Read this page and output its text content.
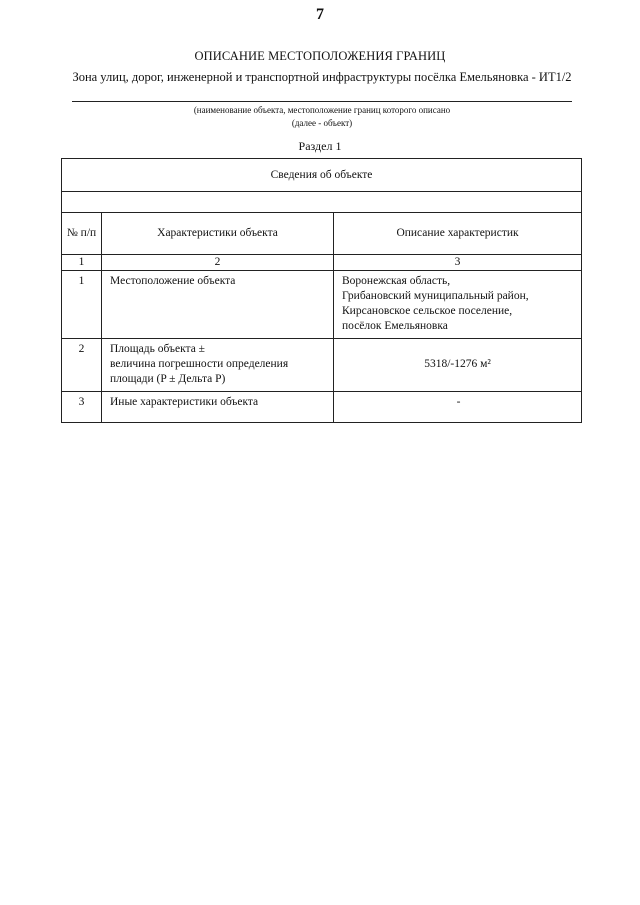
7
ОПИСАНИЕ МЕСТОПОЛОЖЕНИЯ ГРАНИЦ
Зона улиц, дорог, инженерной и транспортной инфраструктуры посёлка Емельяновка - ИТ1/2
(наименование объекта, местоположение границ которого описано
(далее - объект)
Раздел 1
Сведения об объекте		

№ п/п	Характеристики объекта	Описание характеристик
1	2	3
1	Местоположение объекта	Воронежская область,
Грибановский муниципальный район,
Кирсановское сельское поселение,
посёлок Емельяновка

2	Площадь объекта ±
величина погрешности определения
площади (P ± Дельта P)	5318/-1276 м²
3	Иные характеристики объекта	-
